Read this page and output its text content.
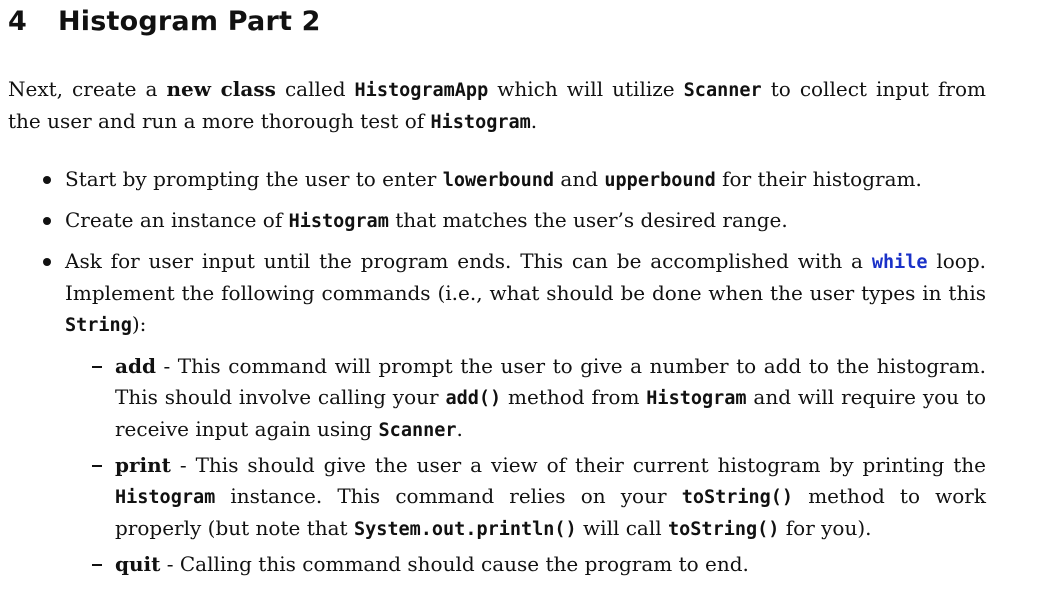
4 Histogram Part 2

Next, create a new class called HistogramApp which will utilize Scanner to collect input from the user and run a more thorough test of Histogram.

Start by prompting the user to enter lowerbound and upperbound for their histogram.
Create an instance of Histogram that matches the user’s desired range.
Ask for user input until the program ends. This can be accomplished with a while loop. Implement the following commands (i.e., what should be done when the user types in this String):
add - This command will prompt the user to give a number to add to the histogram. This should involve calling your add() method from Histogram and will require you to receive input again using Scanner.
print - This should give the user a view of their current histogram by printing the Histogram instance. This command relies on your toString() method to work properly (but note that System.out.println() will call toString() for you).
quit - Calling this command should cause the program to end.
